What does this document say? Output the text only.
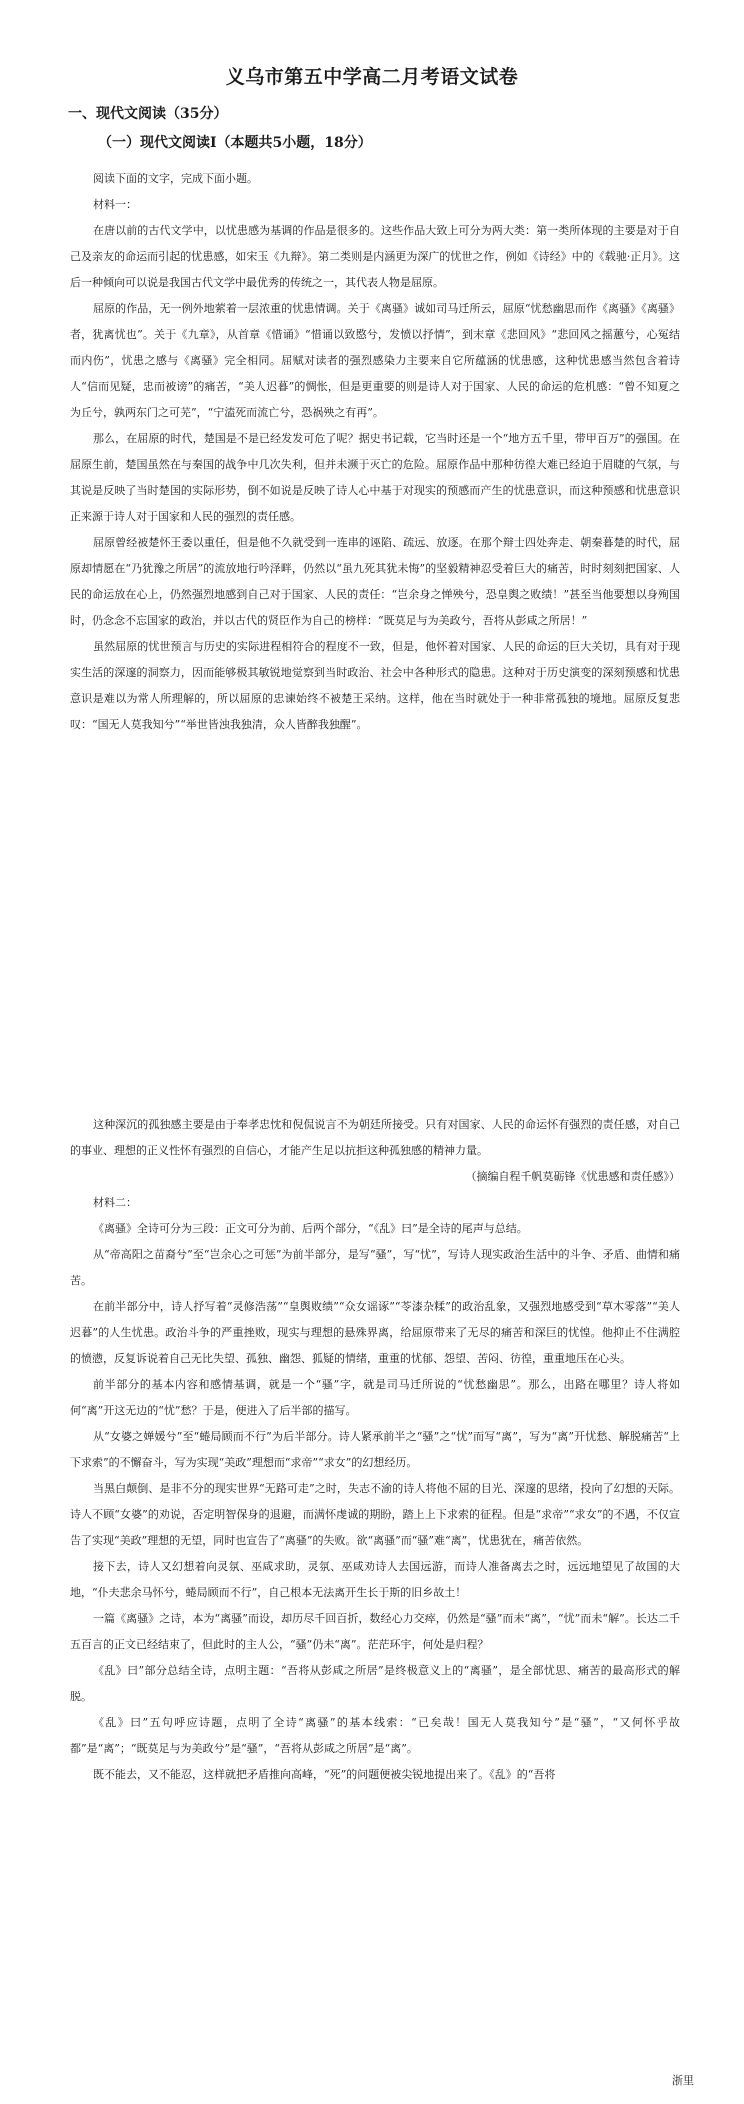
义乌市第五中学高二月考语文试卷
一、现代文阅读（35分）
（一）现代文阅读Ⅰ（本题共5小题，18分）

阅读下面的文字，完成下面小题。

材料一：

在唐以前的古代文学中，以忧患感为基调的作品是很多的。这些作品大致上可分为两大类：第一类所体现的主要是对于自己及亲友的命运而引起的忧患感，如宋玉《九辩》。第二类则是内涵更为深广的忧世之作，例如《诗经》中的《载驰·正月》。这后一种倾向可以说是我国古代文学中最优秀的传统之一，其代表人物是屈原。

屈原的作品，无一例外地萦着一层浓重的忧患情调。关于《离骚》诚如司马迁所云，屈原“忧愁幽思而作《离骚》《离骚》者，犹离忧也”。关于《九章》，从首章《惜诵》“惜诵以致愍兮，发愤以抒情”，到末章《悲回风》“悲回风之摇蕙兮，心冤结而内伤”，忧患之感与《离骚》完全相同。屈赋对读者的强烈感染力主要来自它所蕴涵的忧患感，这种忧患感当然包含着诗人“信而见疑，忠而被谤”的痛苦，“美人迟暮”的惆怅，但是更重要的则是诗人对于国家、人民的命运的危机感：“曾不知夏之为丘兮，孰两东门之可芜”，“宁溘死而流亡兮，恐祸殃之有再”。

那么，在屈原的时代，楚国是不是已经发发可危了呢？据史书记载，它当时还是一个“地方五千里，带甲百万”的强国。在屈原生前，楚国虽然在与秦国的战争中几次失利，但并未濒于灭亡的危险。屈原作品中那种彷徨大难已经迫于眉睫的气氛，与其说是反映了当时楚国的实际形势，倒不如说是反映了诗人心中基于对现实的预感而产生的忧患意识，而这种预感和忧患意识正来源于诗人对于国家和人民的强烈的责任感。

屈原曾经被楚怀王委以重任，但是他不久就受到一连串的诬陷、疏远、放逐。在那个辩士四处奔走、朝秦暮楚的时代，屈原却情愿在“乃犹豫之所居”的流放地行吟泽畔，仍然以“虽九死其犹未悔”的坚毅精神忍受着巨大的痛苦，时时刻刻把国家、人民的命运放在心上，仍然强烈地感到自己对于国家、人民的责任：“岂余身之惮殃兮，恐皇舆之败绩！”甚至当他要想以身殉国时，仍念念不忘国家的政治，并以古代的贤臣作为自己的榜样：“既莫足与为美政兮，吾将从彭咸之所居！”

虽然屈原的忧世预言与历史的实际进程相符合的程度不一致，但是，他怀着对国家、人民的命运的巨大关切，具有对于现实生活的深邃的洞察力，因而能够极其敏锐地觉察到当时政治、社会中各种形式的隐患。这种对于历史演变的深刻预感和忧患意识是难以为常人所理解的，所以屈原的忠谏始终不被楚王采纳。这样，他在当时就处于一种非常孤独的境地。屈原反复悲叹：“国无人莫我知兮”“举世皆浊我独清，众人皆醉我独醒”。

这种深沉的孤独感主要是由于奉孝忠忱和倪侃说言不为朝廷所接受。只有对国家、人民的命运怀有强烈的责任感，对自己的事业、理想的正义性怀有强烈的自信心，才能产生足以抗拒这种孤独感的精神力量。

（摘编自程千帆莫砺锋《忧患感和责任感》）

材料二：

《离骚》全诗可分为三段：正文可分为前、后两个部分，“《乱》曰”是全诗的尾声与总结。

从“帝高阳之苗裔兮”至“岂余心之可惩”为前半部分，是写“骚”，写“忧”，写诗人现实政治生活中的斗争、矛盾、曲情和痛苦。

在前半部分中，诗人抒写着“灵修浩荡”“皇舆败绩”“众女谣诼”“苓漆杂糅”的政治乱象，又强烈地感受到“草木零落”“美人迟暮”的人生忧患。政治斗争的严重挫败，现实与理想的悬殊界离，给屈原带来了无尽的痛苦和深巨的忧惶。他抑止不住满腔的愤懑，反复诉说着自己无比失望、孤独、幽怨、狐疑的情绪，重重的忧郁、怨望、苦闷、彷徨，重重地压在心头。

前半部分的基本内容和感情基调，就是一个“骚”字，就是司马迁所说的“忧愁幽思”。那么，出路在哪里？诗人将如何“离”开这无边的“忧”愁？于是，便进入了后半部的描写。

从“女婆之婵媛兮”至“蜷局顾而不行”为后半部分。诗人紧承前半之“骚”之“忧”而写“离”，写为“离”开忧愁、解脱痛苦“上下求索”的不懈奋斗，写为实现“美政”理想而“求帝”“求女”的幻想经历。

当黑白颠倒、是非不分的现实世界“无路可走”之时，失志不渝的诗人将他不屈的目光、深邃的思绪，投向了幻想的天际。诗人不顾“女婆”的劝说，否定明智保身的退避，而满怀虔诚的期盼，踏上上下求索的征程。但是“求帝”“求女”的不遇，不仅宣告了实现“美政”理想的无望，同时也宣告了“离骚”的失败。欲“离骚”而“骚”难“离”，忧患犹在，痛苦依然。

接下去，诗人又幻想着向灵氛、巫咸求助，灵氛、巫咸劝诗人去国远游，而诗人准备离去之时，远远地望见了故国的大地，“仆夫悲余马怀兮，蜷局顾而不行”，自己根本无法离开生长于斯的旧乡故土！

一篇《离骚》之诗，本为“离骚”而设，却历尽千回百折，数经心力交瘁，仍然是“骚”而未“离”，“忧”而未“解”。长达二千五百言的正文已经结束了，但此时的主人公，“骚”仍未“离”。茫茫环宇，何处是归程？

《乱》曰”部分总结全诗，点明主题：“吾将从彭咸之所居”是终极意义上的“离骚”，是全部忧思、痛苦的最高形式的解脱。

《乱》曰”五句呼应诗题，点明了全诗“离骚”的基本线索：“已矣哉！国无人莫我知兮”是“骚”，“又何怀乎故都”是“离”；“既莫足与为美政兮”是“骚”，“吾将从彭咸之所居”是“离”。

既不能去，又不能忍，这样就把矛盾推向高峰，“死”的问题便被尖锐地提出来了。《乱》的“吾将

浙里
